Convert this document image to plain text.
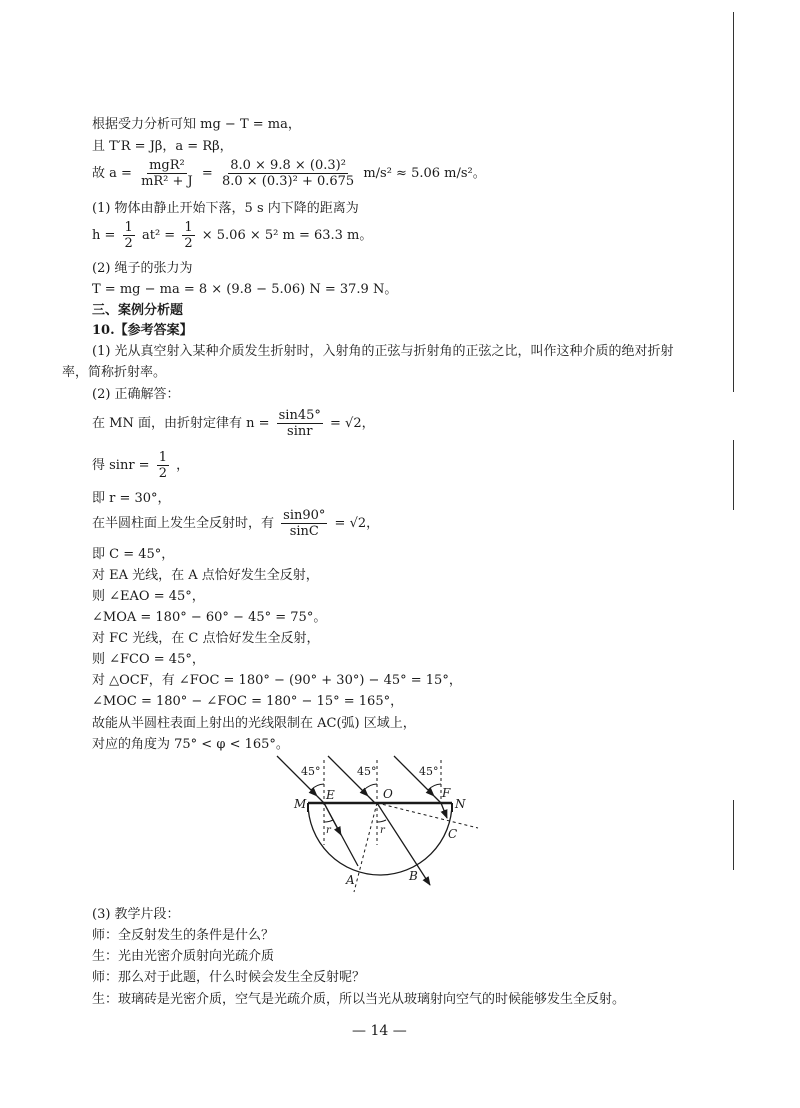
根据受力分析可知 mg − T = ma，
且 T′R = Jβ，a = Rβ，
故 $a = \frac{\text{mgR²}}{\text{mR² + J}} = \frac{\text{8.0 × 9.8 × (0.3)²}}{\text{8.0 × (0.3)² + 0.675}} m/s^2 \approx 5.06$ m/s²。
(1) 物体由静止开始下落，5 s 内下降的距离为
$h = \frac{1}{2} at^2 = \frac{1}{2} \times 5.06 \times 5^2$ m = 63.3 m。
(2) 绳子的张力为
T = mg − ma = 8 × (9.8 − 5.06) N = 37.9 N。
三、案例分析题
10.【参考答案】
(1) 光从真空射入某种介质发生折射时，入射角的正弦与折射角的正弦之比，叫作这种介质的绝对折射
率，简称折射率。
(2) 正确解答：
在 MN 面，由折射定律有 $n = \frac{\sin 45^\circ}{\sin r} = √2$，
得 $\sin r = \frac{1}{2}$ ，
即 r = 30°，
在半圆柱面上发生全反射时，有 $\frac{\sin 90^\circ}{\sin C} = √2$，
即 C = 45°，
对 EA 光线，在 A 点恰好发生全反射，
则 ∠EAO = 45°，
∠MOA = 180° − 60° − 45° = 75°。
对 FC 光线，在 C 点恰好发生全反射，
则 ∠FCO = 45°，
对 △OCF，有 ∠FOC = 180° − (90° + 30°) − 45° = 15°，
∠MOC = 180° − ∠FOC = 180° − 15° = 165°，
故能从半圆柱表面上射出的光线限制在 AC(弧) 区域上，
对应的角度为 75° < φ < 165°。
45°	45°	45°
M
E	O	F
N
C
A	B
r	r
(3) 教学片段：
师：全反射发生的条件是什么？
生：光由光密介质射向光疏介质
师：那么对于此题，什么时候会发生全反射呢？
生：玻璃砖是光密介质，空气是光疏介质，所以当光从玻璃射向空气的时候能够发生全反射。
— 14 —
